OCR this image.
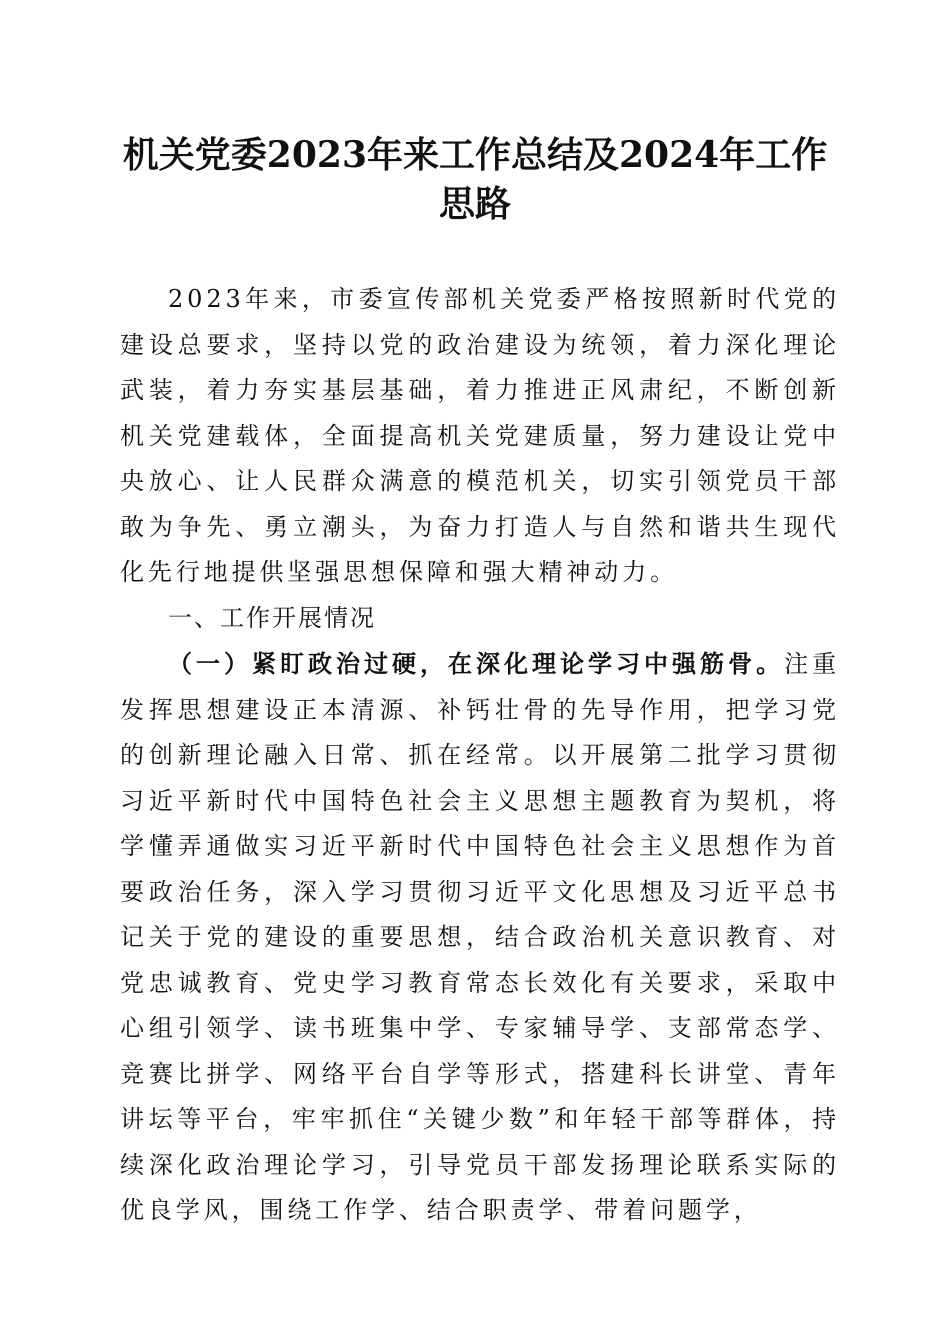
机关党委2023年来工作总结及2024年工作思路

2023年来，市委宣传部机关党委严格按照新时代党的建设总要求，坚持以党的政治建设为统领，着力深化理论武装，着力夯实基层基础，着力推进正风肃纪，不断创新机关党建载体，全面提高机关党建质量，努力建设让党中央放心、让人民群众满意的模范机关，切实引领党员干部敢为争先、勇立潮头，为奋力打造人与自然和谐共生现代化先行地提供坚强思想保障和强大精神动力。

一、工作开展情况

（一）紧盯政治过硬，在深化理论学习中强筋骨。注重发挥思想建设正本清源、补钙壮骨的先导作用，把学习党的创新理论融入日常、抓在经常。以开展第二批学习贯彻习近平新时代中国特色社会主义思想主题教育为契机，将学懂弄通做实习近平新时代中国特色社会主义思想作为首要政治任务，深入学习贯彻习近平文化思想及习近平总书记关于党的建设的重要思想，结合政治机关意识教育、对党忠诚教育、党史学习教育常态长效化有关要求，采取中心组引领学、读书班集中学、专家辅导学、支部常态学、竞赛比拼学、网络平台自学等形式，搭建科长讲堂、青年讲坛等平台，牢牢抓住“关键少数”和年轻干部等群体，持续深化政治理论学习，引导党员干部发扬理论联系实际的优良学风，围绕工作学、结合职责学、带着问题学，
